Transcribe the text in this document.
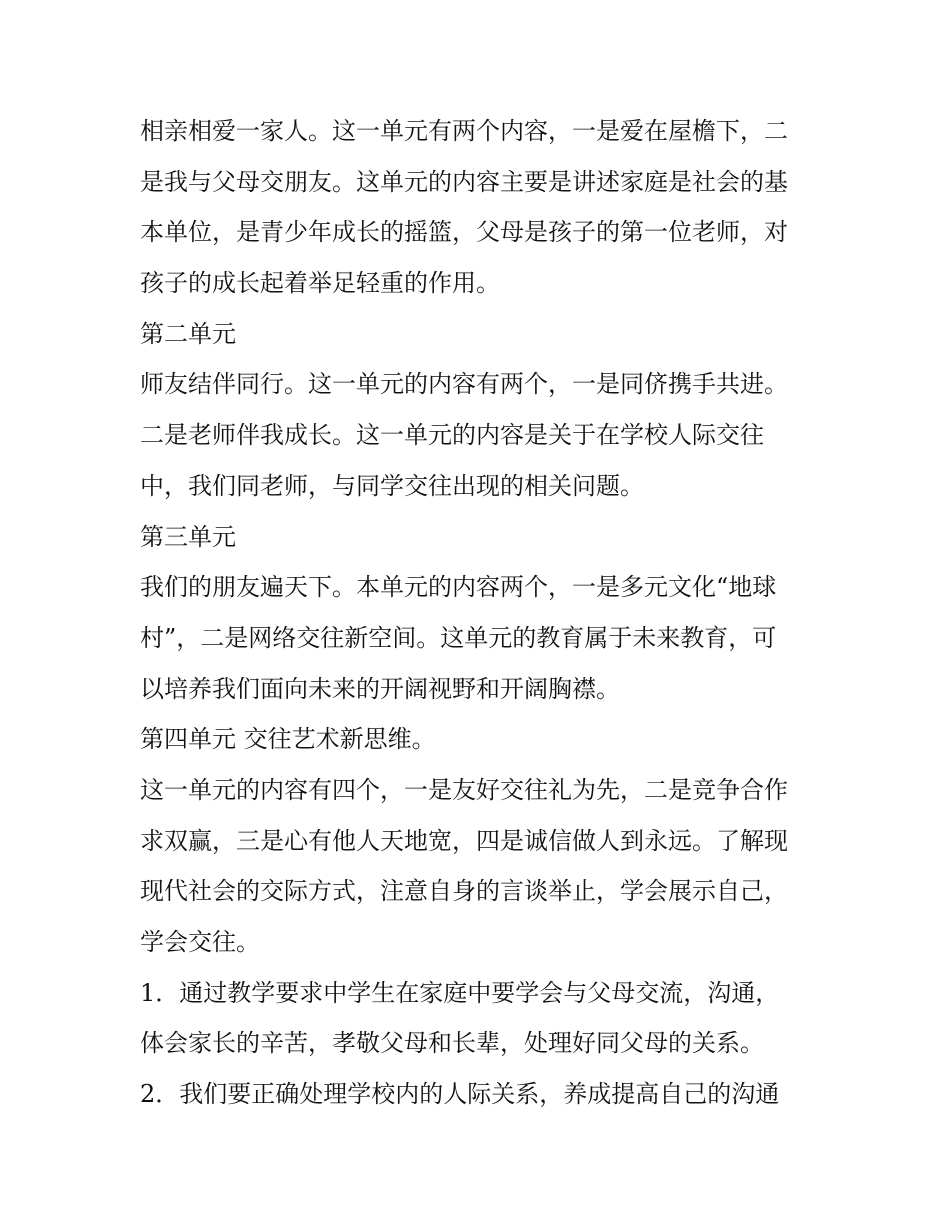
相亲相爱一家人。这一单元有两个内容，一是爱在屋檐下，二
是我与父母交朋友。这单元的内容主要是讲述家庭是社会的基
本单位，是青少年成长的摇篮，父母是孩子的第一位老师，对
孩子的成长起着举足轻重的作用。
第二单元
师友结伴同行。这一单元的内容有两个，一是同侪携手共进。
二是老师伴我成长。这一单元的内容是关于在学校人际交往
中，我们同老师，与同学交往出现的相关问题。
第三单元
我们的朋友遍天下。本单元的内容两个，一是多元文化“地球
村”，二是网络交往新空间。这单元的教育属于未来教育，可
以培养我们面向未来的开阔视野和开阔胸襟。
第四单元 交往艺术新思维。
这一单元的内容有四个，一是友好交往礼为先，二是竞争合作
求双赢，三是心有他人天地宽，四是诚信做人到永远。了解现
现代社会的交际方式，注意自身的言谈举止，学会展示自己，
学会交往。
1．通过教学要求中学生在家庭中要学会与父母交流，沟通，
体会家长的辛苦，孝敬父母和长辈，处理好同父母的关系。
2．我们要正确处理学校内的人际关系，养成提高自己的沟通
